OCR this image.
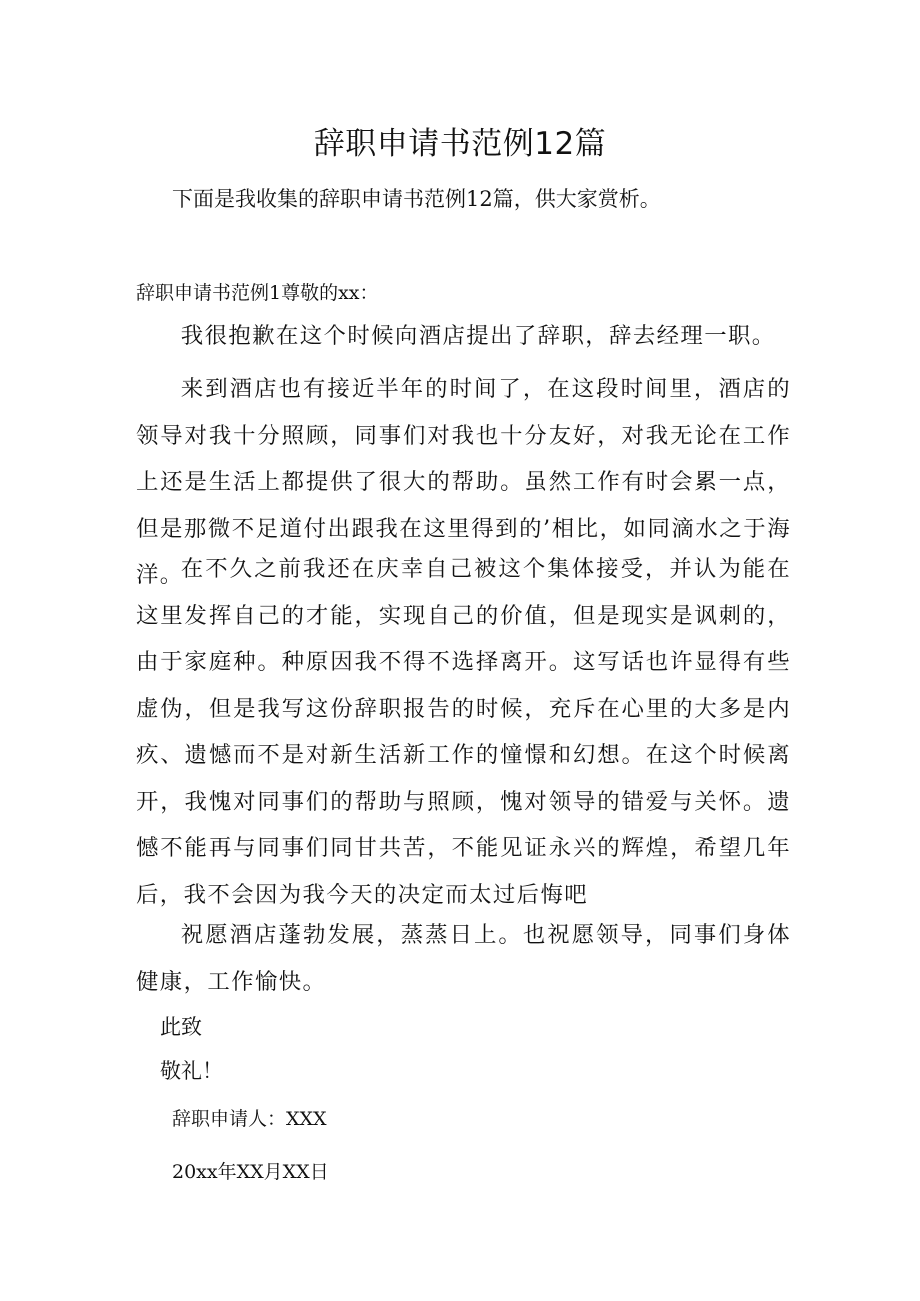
辞职申请书范例12篇

下面是我收集的辞职申请书范例12篇，供大家赏析。

辞职申请书范例1尊敬的xx：

我很抱歉在这个时候向酒店提出了辞职，辞去经理一职。

来到酒店也有接近半年的时间了，在这段时间里，酒店的领导对我十分照顾，同事们对我也十分友好，对我无论在工作上还是生活上都提供了很大的帮助。虽然工作有时会累一点，但是那微不足道付出跟我在这里得到的’相比，如同滴水之于海洋。

在不久之前我还在庆幸自己被这个集体接受，并认为能在这里发挥自己的才能，实现自己的价值，但是现实是讽刺的，由于家庭种。种原因我不得不选择离开。这写话也许显得有些虚伪，但是我写这份辞职报告的时候，充斥在心里的大多是内疚、遗憾而不是对新生活新工作的憧憬和幻想。在这个时候离开，我愧对同事们的帮助与照顾，愧对领导的错爱与关怀。遗憾不能再与同事们同甘共苦，不能见证永兴的辉煌，希望几年后，我不会因为我今天的决定而太过后悔吧

祝愿酒店蓬勃发展，蒸蒸日上。也祝愿领导，同事们身体健康，工作愉快。

此致

敬礼！

辞职申请人：XXX

20xx年XX月XX日
